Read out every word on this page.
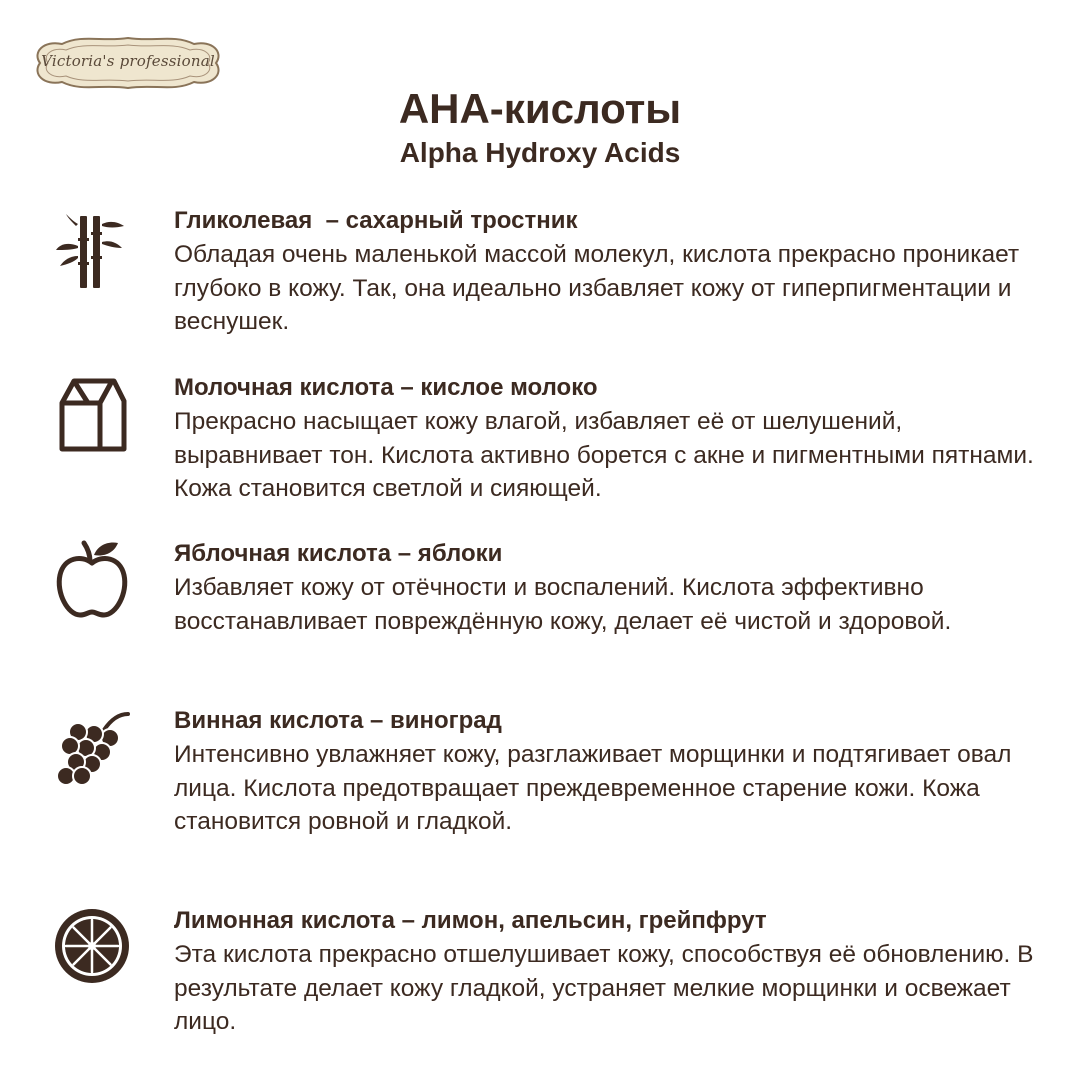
Victoria's professional
АНА-кислоты
Alpha Hydroxy Acids
Гликолевая  – сахарный тростник
Обладая очень маленькой массой молекул, кислота прекрасно проникает глубоко в кожу. Так, она идеально избавляет кожу от гиперпигментации и веснушек.
Молочная кислота – кислое молоко
Прекрасно насыщает кожу влагой, избавляет её от шелушений, выравнивает тон. Кислота активно борется с акне и пигментными пятнами. Кожа становится светлой и сияющей.
Яблочная кислота – яблоки
Избавляет кожу от отёчности и воспалений. Кислота эффективно восстанавливает повреждённую кожу, делает её чистой и здоровой.
Винная кислота – виноград
Интенсивно увлажняет кожу, разглаживает морщинки и подтягивает овал лица. Кислота предотвращает преждевременное старение кожи. Кожа становится ровной и гладкой.
Лимонная кислота – лимон, апельсин, грейпфрут
Эта кислота прекрасно отшелушивает кожу, способствуя её обновлению. В результате делает кожу гладкой, устраняет мелкие морщинки и освежает лицо.
